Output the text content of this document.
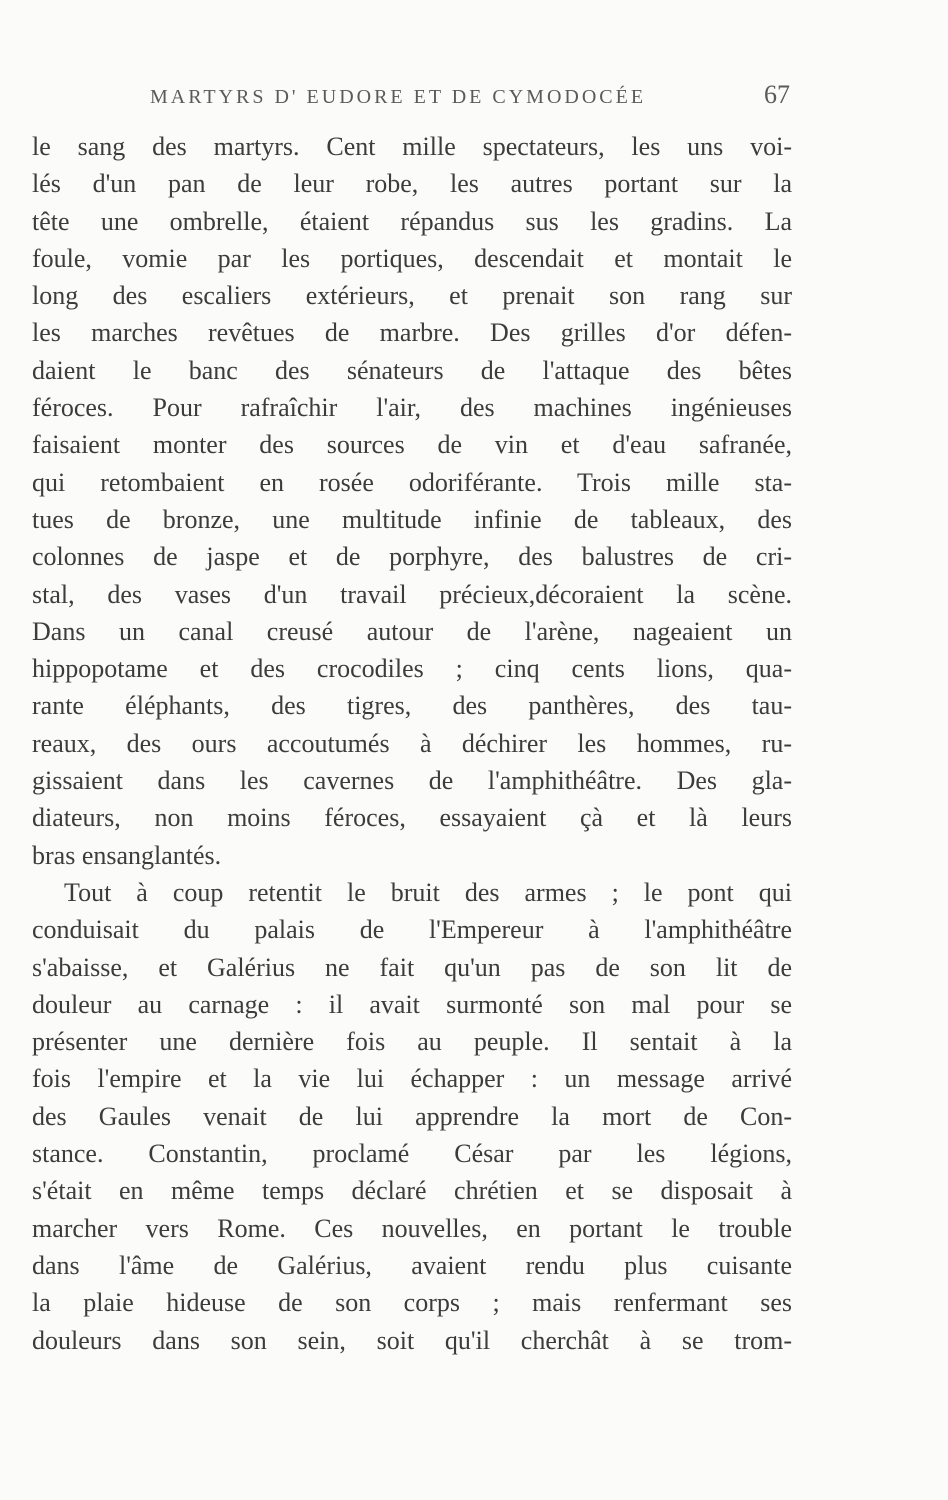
MARTYRS D' EUDORE ET DE CYMODOCÉE	67
le sang des martyrs. Cent mille spectateurs, les uns voi-
lés d'un pan de leur robe, les autres portant sur la
tête une ombrelle, étaient répandus sus les gradins. La
foule, vomie par les portiques, descendait et montait le
long des escaliers extérieurs, et prenait son rang sur
les marches revêtues de marbre. Des grilles d'or défen-
daient le banc des sénateurs de l'attaque des bêtes
féroces. Pour rafraîchir l'air, des machines ingénieuses
faisaient monter des sources de vin et d'eau safranée,
qui retombaient en rosée odoriférante. Trois mille sta-
tues de bronze, une multitude infinie de tableaux, des
colonnes de jaspe et de porphyre, des balustres de cri-
stal, des vases d'un travail précieux,décoraient la scène.
Dans un canal creusé autour de l'arène, nageaient un
hippopotame et des crocodiles ; cinq cents lions, qua-
rante éléphants, des tigres, des panthères, des tau-
reaux, des ours accoutumés à déchirer les hommes, ru-
gissaient dans les cavernes de l'amphithéâtre. Des gla-
diateurs, non moins féroces, essayaient çà et là leurs
bras ensanglantés.
Tout à coup retentit le bruit des armes ; le pont qui
conduisait du palais de l'Empereur à l'amphithéâtre
s'abaisse, et Galérius ne fait qu'un pas de son lit de
douleur au carnage : il avait surmonté son mal pour se
présenter une dernière fois au peuple. Il sentait à la
fois l'empire et la vie lui échapper : un message arrivé
des Gaules venait de lui apprendre la mort de Con-
stance. Constantin, proclamé César par les légions,
s'était en même temps déclaré chrétien et se disposait à
marcher vers Rome. Ces nouvelles, en portant le trouble
dans l'âme de Galérius, avaient rendu plus cuisante
la plaie hideuse de son corps ; mais renfermant ses
douleurs dans son sein, soit qu'il cherchât à se trom-
